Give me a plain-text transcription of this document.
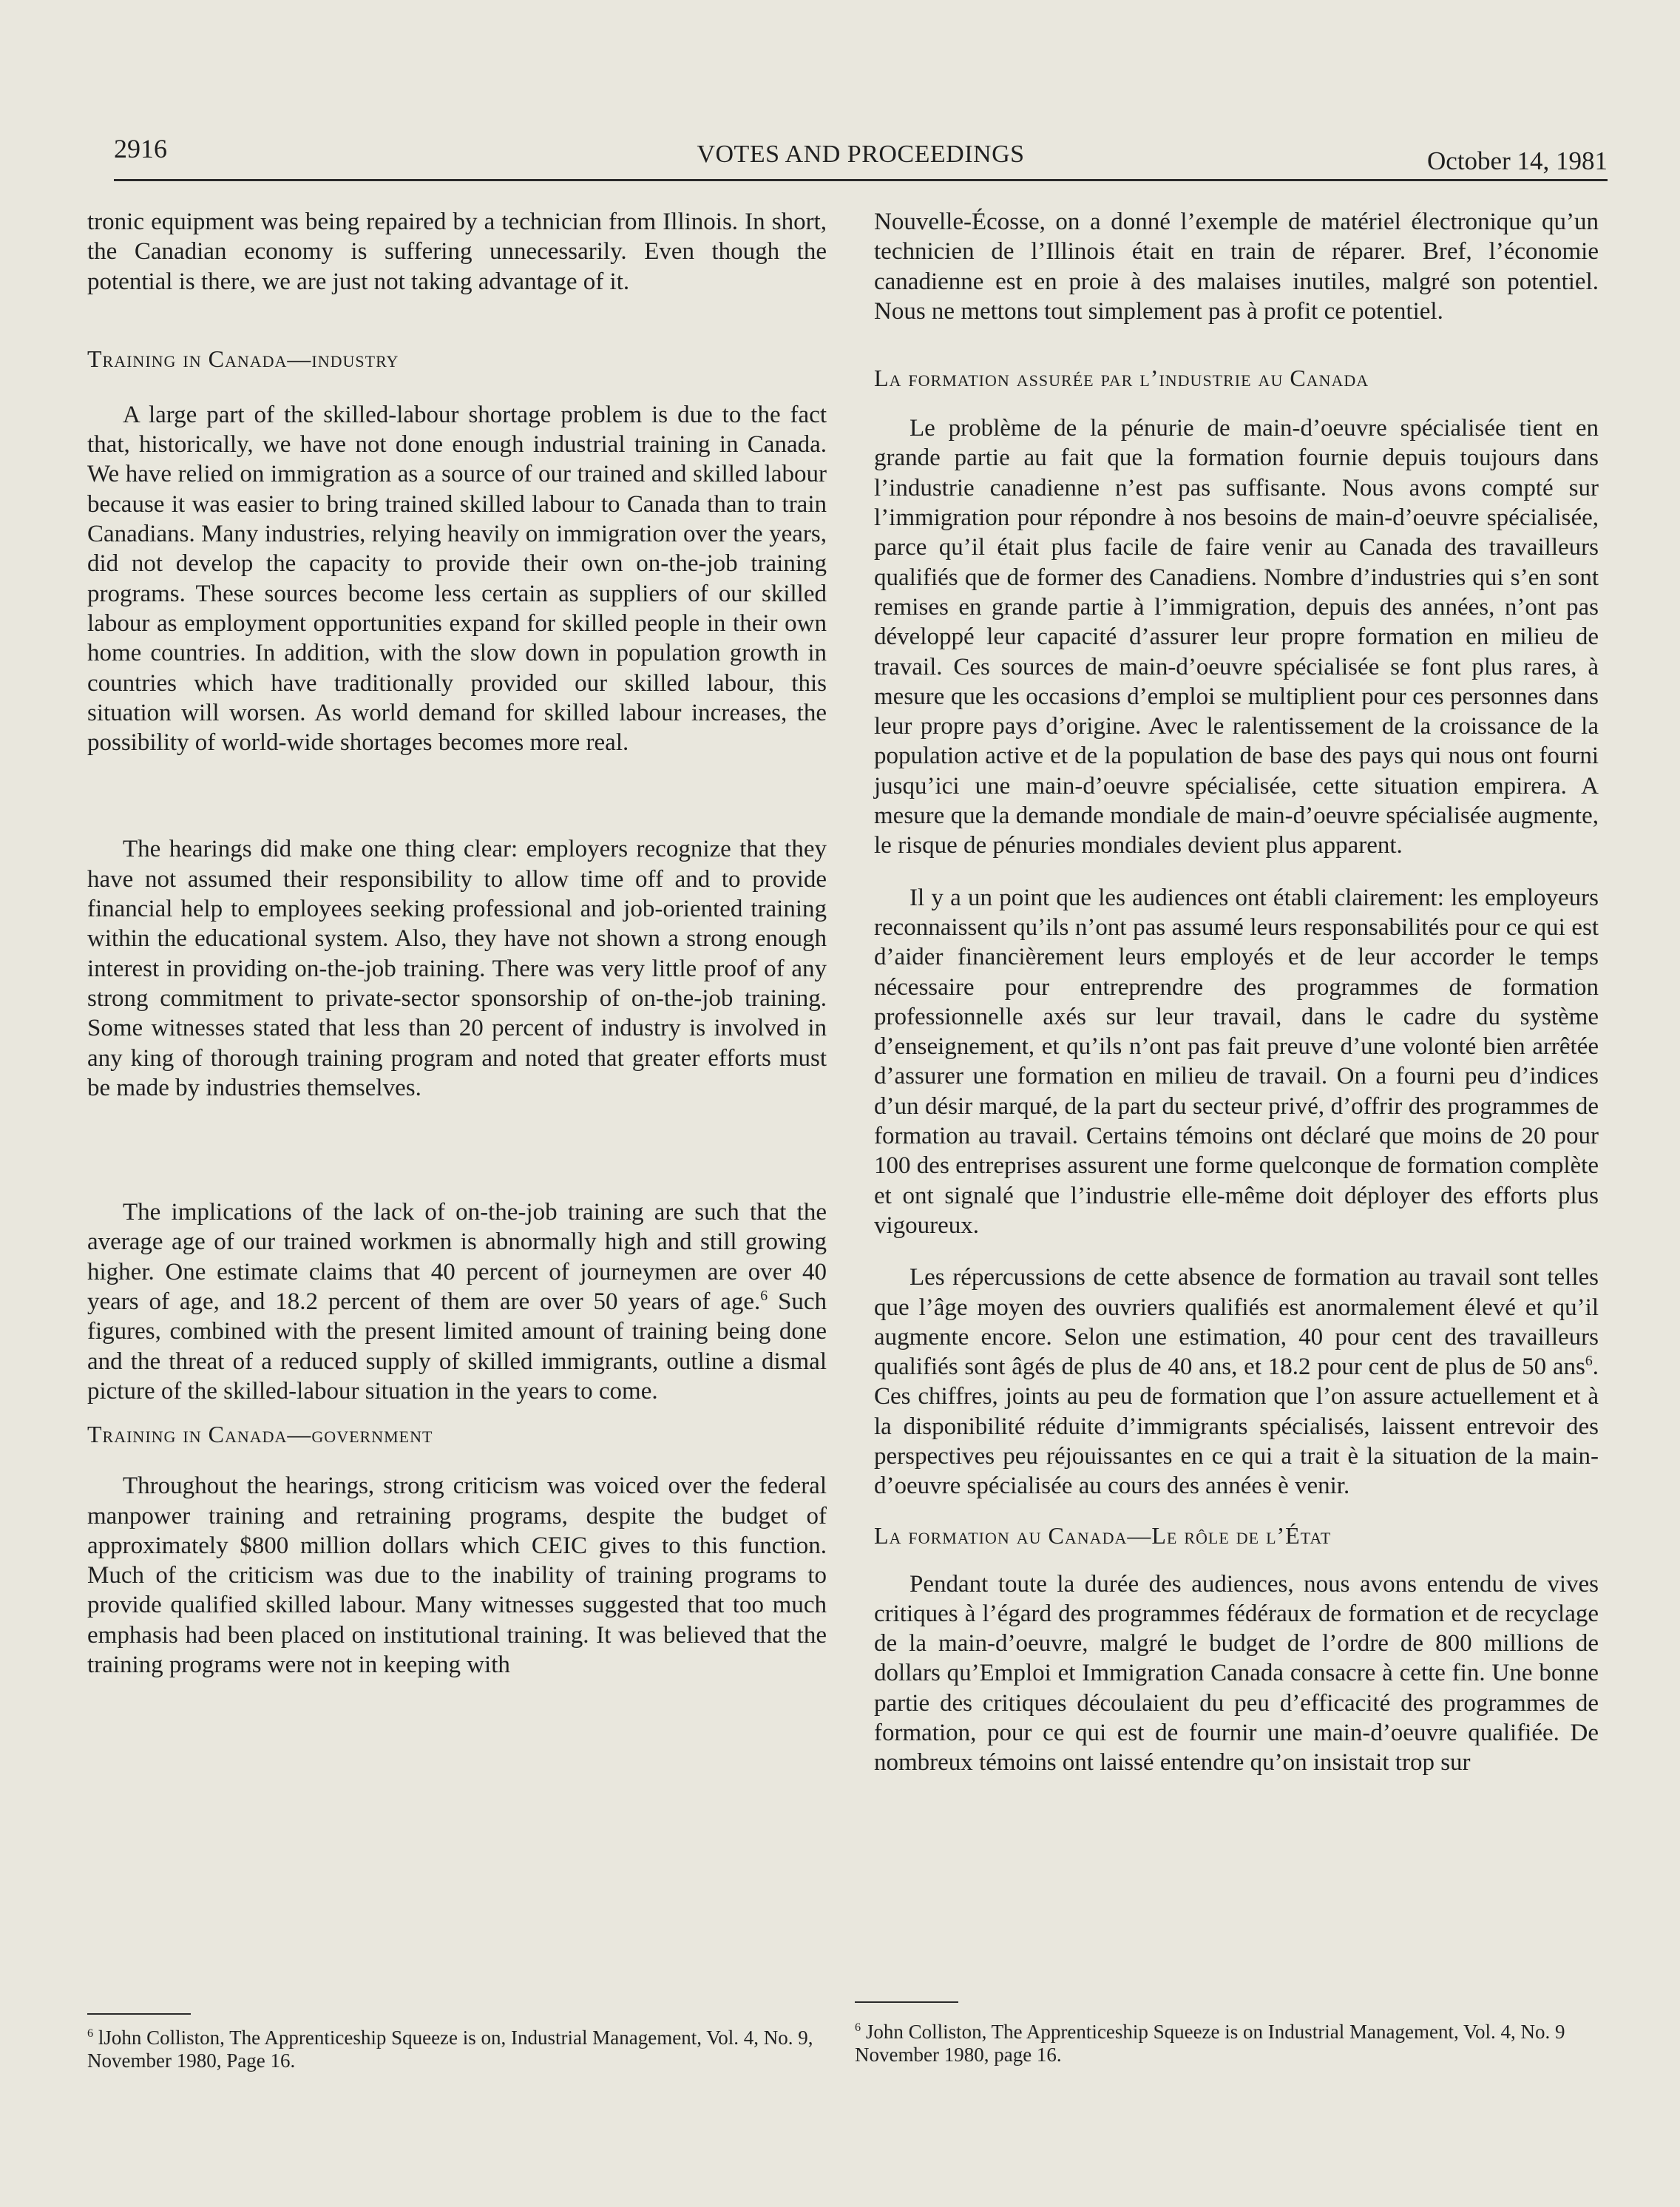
2916	VOTES AND PROCEEDINGS	October 14, 1981

tronic equipment was being repaired by a technician from Illinois. In short, the Canadian economy is suffering unnecessarily. Even though the potential is there, we are just not taking advantage of it.

Training in Canada—industry

A large part of the skilled-labour shortage problem is due to the fact that, historically, we have not done enough industrial training in Canada. We have relied on immigration as a source of our trained and skilled labour because it was easier to bring trained skilled labour to Canada than to train Canadians. Many industries, relying heavily on immigration over the years, did not develop the capacity to provide their own on-the-job training programs. These sources become less certain as suppliers of our skilled labour as employment opportunities expand for skilled people in their own home countries. In addition, with the slow down in population growth in countries which have traditionally provided our skilled labour, this situation will worsen. As world demand for skilled labour increases, the possibility of world-wide shortages becomes more real.

The hearings did make one thing clear: employers recognize that they have not assumed their responsibility to allow time off and to provide financial help to employees seeking professional and job-oriented training within the educational system. Also, they have not shown a strong enough interest in providing on-the-job training. There was very little proof of any strong commitment to private-sector sponsorship of on-the-job training. Some witnesses stated that less than 20 percent of industry is involved in any king of thorough training program and noted that greater efforts must be made by industries themselves.

The implications of the lack of on-the-job training are such that the average age of our trained workmen is abnormally high and still growing higher. One estimate claims that 40 percent of journeymen are over 40 years of age, and 18.2 percent of them are over 50 years of age.$^6$ Such figures, combined with the present limited amount of training being done and the threat of a reduced supply of skilled immigrants, outline a dismal picture of the skilled-labour situation in the years to come.

Training in Canada—government

Throughout the hearings, strong criticism was voiced over the federal manpower training and retraining programs, despite the budget of approximately $800 million dollars which CEIC gives to this function. Much of the criticism was due to the inability of training programs to provide qualified skilled labour. Many witnesses suggested that too much emphasis had been placed on institutional training. It was believed that the training programs were not in keeping with

$^6$ lJohn Colliston, The Apprenticeship Squeeze is on, Industrial Management, Vol. 4, No. 9, November 1980, Page 16.

Nouvelle-Écosse, on a donné l’exemple de matériel électronique qu’un technicien de l’Illinois était en train de réparer. Bref, l’économie canadienne est en proie à des malaises inutiles, malgré son potentiel. Nous ne mettons tout simplement pas à profit ce potentiel.

La formation assurée par l’industrie au Canada

Le problème de la pénurie de main-d’oeuvre spécialisée tient en grande partie au fait que la formation fournie depuis toujours dans l’industrie canadienne n’est pas suffisante. Nous avons compté sur l’immigration pour répondre à nos besoins de main-d’oeuvre spécialisée, parce qu’il était plus facile de faire venir au Canada des travailleurs qualifiés que de former des Canadiens. Nombre d’industries qui s’en sont remises en grande partie à l’immigration, depuis des années, n’ont pas développé leur capacité d’assurer leur propre formation en milieu de travail. Ces sources de main-d’oeuvre spécialisée se font plus rares, à mesure que les occasions d’emploi se multiplient pour ces personnes dans leur propre pays d’origine. Avec le ralentissement de la croissance de la population active et de la population de base des pays qui nous ont fourni jusqu’ici une main-d’oeuvre spécialisée, cette situation empirera. A mesure que la demande mondiale de main-d’oeuvre spécialisée augmente, le risque de pénuries mondiales devient plus apparent.

Il y a un point que les audiences ont établi clairement: les employeurs reconnaissent qu’ils n’ont pas assumé leurs responsabilités pour ce qui est d’aider financièrement leurs employés et de leur accorder le temps nécessaire pour entreprendre des programmes de formation professionnelle axés sur leur travail, dans le cadre du système d’enseignement, et qu’ils n’ont pas fait preuve d’une volonté bien arrêtée d’assurer une formation en milieu de travail. On a fourni peu d’indices d’un désir marqué, de la part du secteur privé, d’offrir des programmes de formation au travail. Certains témoins ont déclaré que moins de 20 pour 100 des entreprises assurent une forme quelconque de formation complète et ont signalé que l’industrie elle-même doit déployer des efforts plus vigoureux.

Les répercussions de cette absence de formation au travail sont telles que l’âge moyen des ouvriers qualifiés est anormalement élevé et qu’il augmente encore. Selon une estimation, 40 pour cent des travailleurs qualifiés sont âgés de plus de 40 ans, et 18.2 pour cent de plus de 50 ans$^6$. Ces chiffres, joints au peu de formation que l’on assure actuellement et à la disponibilité réduite d’immigrants spécialisés, laissent entrevoir des perspectives peu réjouissantes en ce qui a trait è la situation de la main-d’oeuvre spécialisée au cours des années è venir.

La formation au Canada—Le rôle de l’État

Pendant toute la durée des audiences, nous avons entendu de vives critiques à l’égard des programmes fédéraux de formation et de recyclage de la main-d’oeuvre, malgré le budget de l’ordre de 800 millions de dollars qu’Emploi et Immigration Canada consacre à cette fin. Une bonne partie des critiques découlaient du peu d’efficacité des programmes de formation, pour ce qui est de fournir une main-d’oeuvre qualifiée. De nombreux témoins ont laissé entendre qu’on insistait trop sur

$^6$ John Colliston, The Apprenticeship Squeeze is on Industrial Management, Vol. 4, No. 9 November 1980, page 16.
